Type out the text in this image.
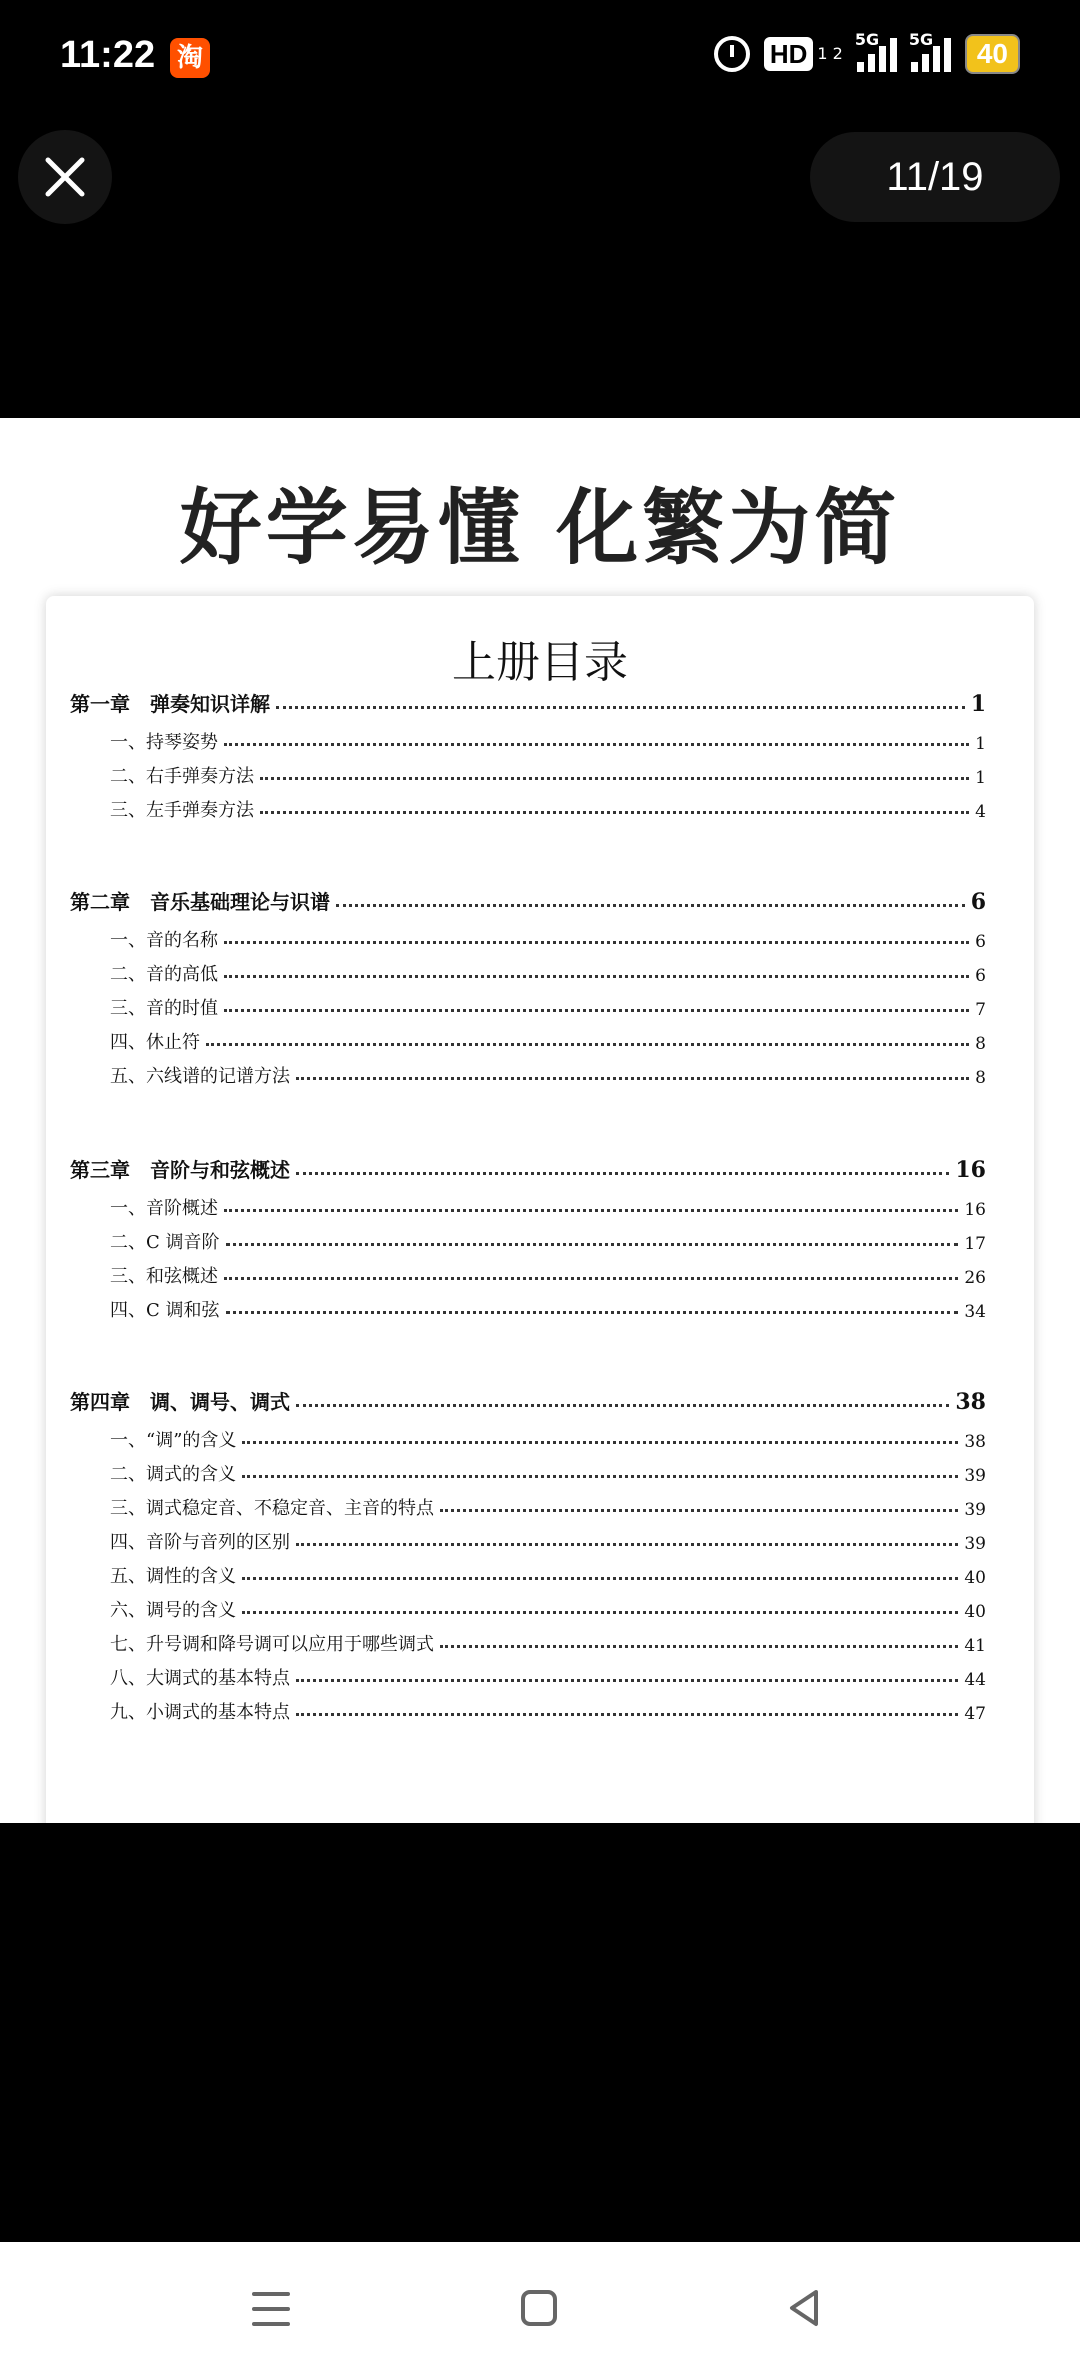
11:22 淘	HD 1 2
5G 5G	40
11/19
好学易懂 化繁为简
上册目录
第一章　弹奏知识详解	1
一、持琴姿势	1
二、右手弹奏方法	1
三、左手弹奏方法	4
第二章　音乐基础理论与识谱	6
一、音的名称	6
二、音的高低	6
三、音的时值	7
四、休止符	8
五、六线谱的记谱方法	8
第三章　音阶与和弦概述	16
一、音阶概述	16
二、C 调音阶	17
三、和弦概述	26
四、C 调和弦	34
第四章　调、调号、调式	38
一、“调”的含义	38
二、调式的含义	39
三、调式稳定音、不稳定音、主音的特点	39
四、音阶与音列的区别	39
五、调性的含义	40
六、调号的含义	40
七、升号调和降号调可以应用于哪些调式	41
八、大调式的基本特点	44
九、小调式的基本特点	47
